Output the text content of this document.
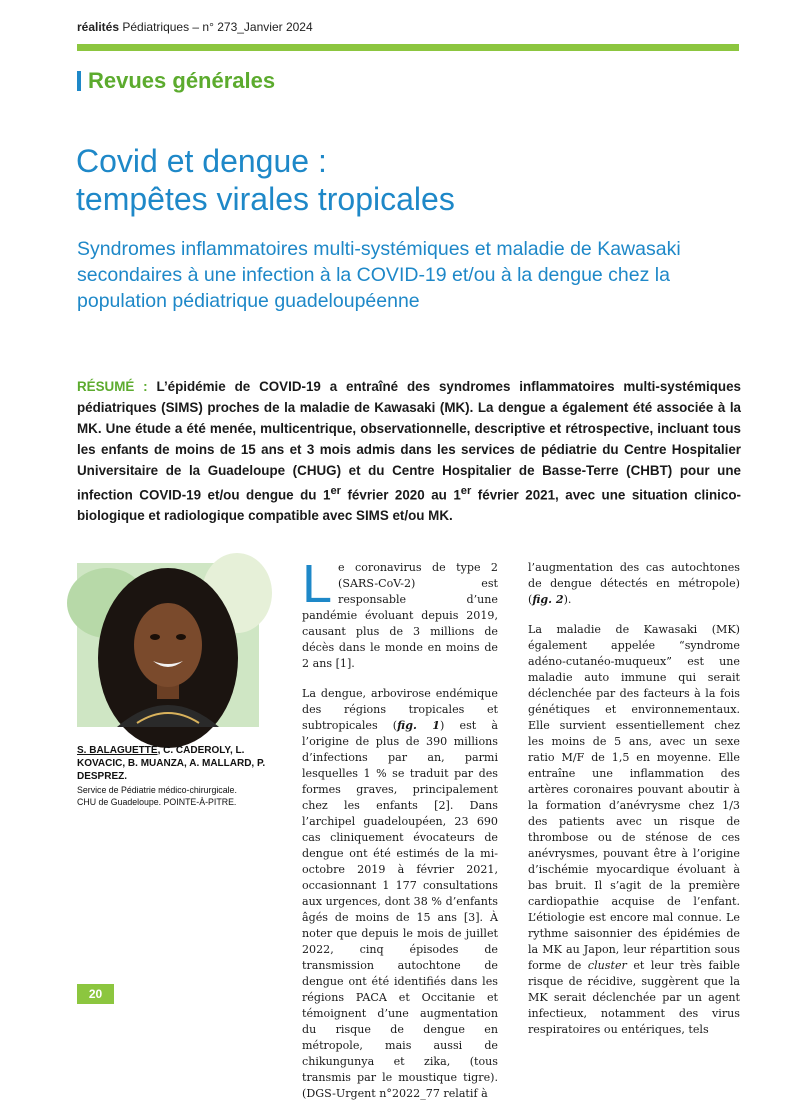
réalités Pédiatriques – n° 273_Janvier 2024
Revues générales
Covid et dengue :
tempêtes virales tropicales
Syndromes inflammatoires multi-systémiques et maladie de Kawasaki secondaires à une infection à la COVID-19 et/ou à la dengue chez la population pédiatrique guadeloupéenne
RÉSUMÉ : L’épidémie de COVID-19 a entraîné des syndromes inflammatoires multi-systémiques pédiatriques (SIMS) proches de la maladie de Kawasaki (MK). La dengue a également été associée à la MK. Une étude a été menée, multicentrique, observationnelle, descriptive et rétrospective, incluant tous les enfants de moins de 15 ans et 3 mois admis dans les services de pédiatrie du Centre Hospitalier Universitaire de la Guadeloupe (CHUG) et du Centre Hospitalier de Basse-Terre (CHBT) pour une infection COVID-19 et/ou dengue du 1er février 2020 au 1er février 2021, avec une situation clinico-biologique et radiologique compatible avec SIMS et/ou MK.
S. BALAGUETTE, C. CADEROLY, L. KOVACIC, B. MUANZA, A. MALLARD, P. DESPREZ.
Service de Pédiatrie médico-chirurgicale.
CHU de Guadeloupe. POINTE-À-PITRE.

Le coronavirus de type 2 (SARS-CoV-2) est responsable d’une pandémie évoluant depuis 2019, causant plus de 3 millions de décès dans le monde en moins de 2 ans [1].

La dengue, arbovirose endémique des régions tropicales et subtropicales (fig. 1) est à l’origine de plus de 390 millions d’infections par an, parmi lesquelles 1 % se traduit par des formes graves, principalement chez les enfants [2]. Dans l’archipel guadeloupéen, 23 690 cas cliniquement évocateurs de dengue ont été estimés de la mi-octobre 2019 à février 2021, occasionnant 1 177 consultations aux urgences, dont 38 % d’enfants âgés de moins de 15 ans [3]. À noter que depuis le mois de juillet 2022, cinq épisodes de transmission autochtone de dengue ont été identifiés dans les régions PACA et Occitanie et témoignent d’une augmentation du risque de dengue en métropole, mais aussi de chikungunya et zika, (tous transmis par le moustique tigre). (DGS-Urgent n°2022_77 relatif à

l’augmentation des cas autochtones de dengue détectés en métropole) (fig. 2).

La maladie de Kawasaki (MK) également appelée “syndrome adéno-cutanéo-muqueux” est une maladie auto immune qui serait déclenchée par des facteurs à la fois génétiques et environnementaux. Elle survient essentiellement chez les moins de 5 ans, avec un sexe ratio M/F de 1,5 en moyenne. Elle entraîne une inflammation des artères coronaires pouvant aboutir à la formation d’anévrysme chez 1/3 des patients avec un risque de thrombose ou de sténose de ces anévrysmes, pouvant être à l’origine d’ischémie myocardique évoluant à bas bruit. Il s’agit de la première cardiopathie acquise de l’enfant. L’étiologie est encore mal connue. Le rythme saisonnier des épidémies de la MK au Japon, leur répartition sous forme de cluster et leur très faible risque de récidive, suggèrent que la MK serait déclenchée par un agent infectieux, notamment des virus respiratoires ou entériques, tels

20
